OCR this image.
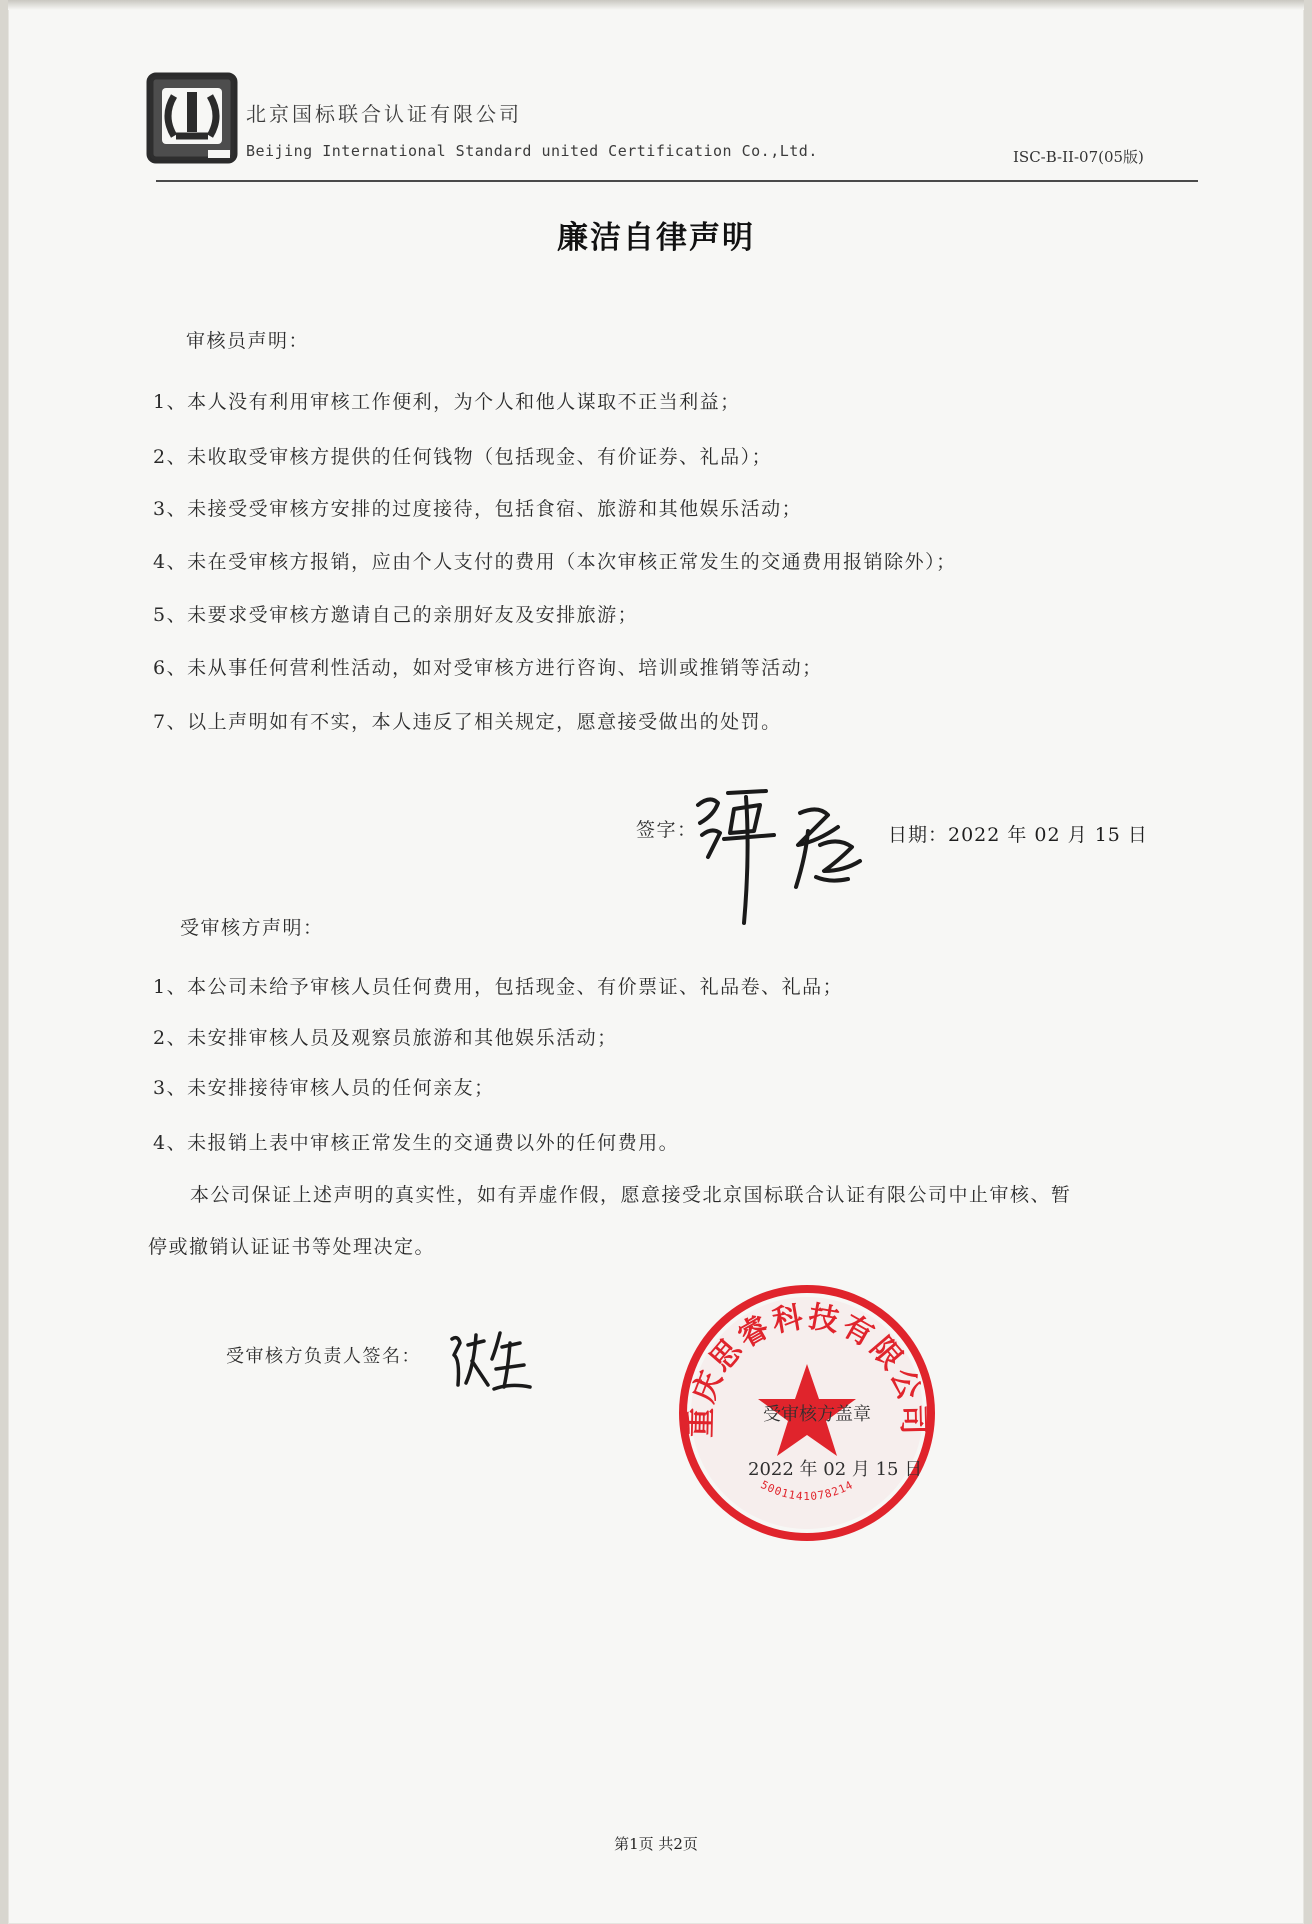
北京国标联合认证有限公司
Beijing International Standard united Certification Co.,Ltd.	ISC-B-II-07(05版)
廉洁自律声明
审核员声明：
1、本人没有利用审核工作便利，为个人和他人谋取不正当利益；
2、未收取受审核方提供的任何钱物（包括现金、有价证券、礼品）；
3、未接受受审核方安排的过度接待，包括食宿、旅游和其他娱乐活动；
4、未在受审核方报销，应由个人支付的费用（本次审核正常发生的交通费用报销除外）；
5、未要求受审核方邀请自己的亲朋好友及安排旅游；
6、未从事任何营利性活动，如对受审核方进行咨询、培训或推销等活动；
7、以上声明如有不实，本人违反了相关规定，愿意接受做出的处罚。
签字：	日期：2022 年 02 月 15 日
受审核方声明：
1、本公司未给予审核人员任何费用，包括现金、有价票证、礼品卷、礼品；
2、未安排审核人员及观察员旅游和其他娱乐活动；
3、未安排接待审核人员的任何亲友；
4、未报销上表中审核正常发生的交通费以外的任何费用。
本公司保证上述声明的真实性，如有弄虚作假，愿意接受北京国标联合认证有限公司中止审核、暂
停或撤销认证证书等处理决定。
受审核方负责人签名：
重庆思睿科技有限公司
5001141078214
受审核方盖章
2022 年 02 月 15 日
第1页 共2页
